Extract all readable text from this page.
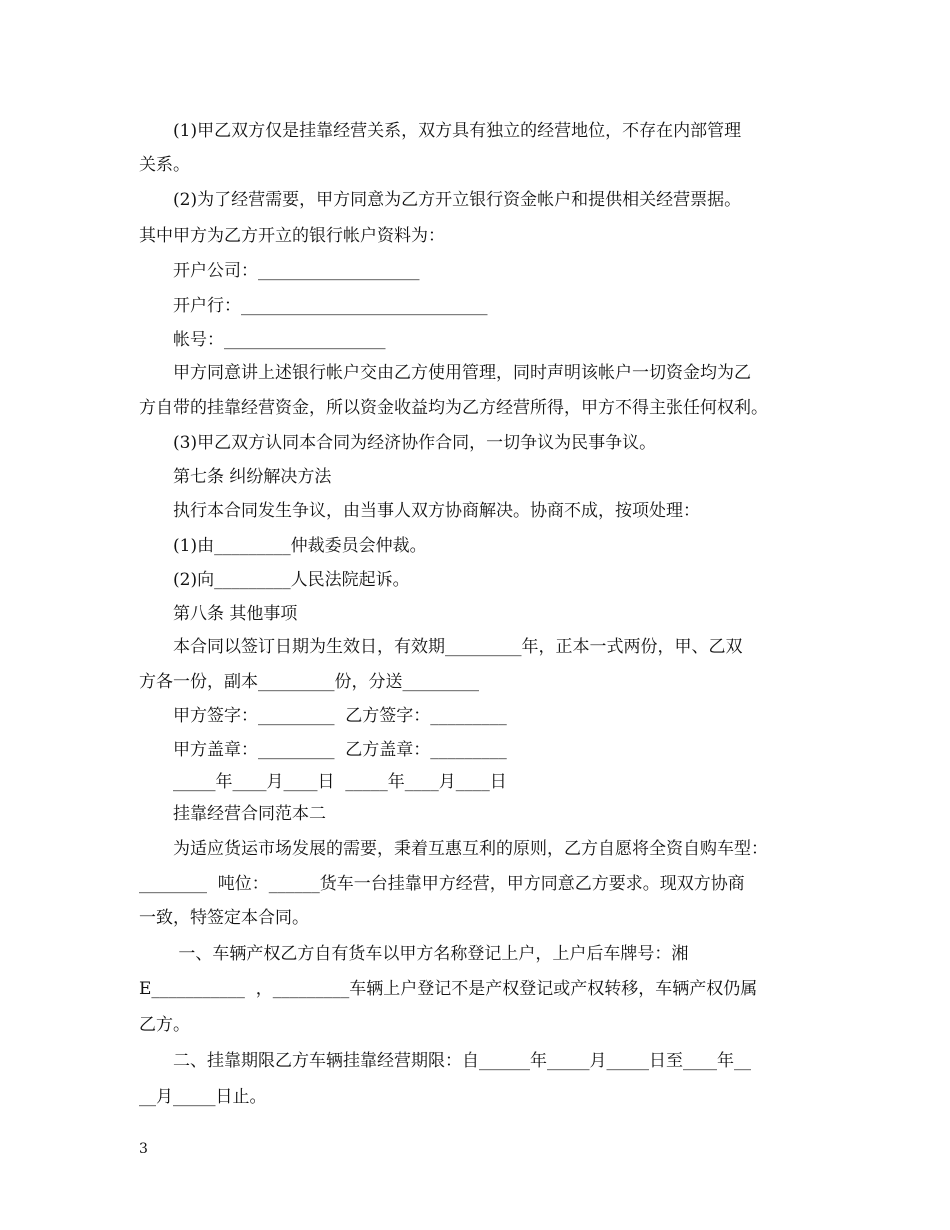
　　(1)甲乙双方仅是挂靠经营关系，双方具有独立的经营地位，不存在内部管理
关系。
　　(2)为了经营需要，甲方同意为乙方开立银行资金帐户和提供相关经营票据。
其中甲方为乙方开立的银行帐户资料为：
　　开户公司：___________________
　　开户行：_____________________________
　　帐号：___________________
　　甲方同意讲上述银行帐户交由乙方使用管理，同时声明该帐户一切资金均为乙
方自带的挂靠经营资金，所以资金收益均为乙方经营所得，甲方不得主张任何权利。
　　(3)甲乙双方认同本合同为经济协作合同，一切争议为民事争议。
　　第七条 纠纷解决方法
　　执行本合同发生争议，由当事人双方协商解决。协商不成，按项处理：
　　(1)由_________仲裁委员会仲裁。
　　(2)向_________人民法院起诉。
　　第八条 其他事项
　　本合同以签订日期为生效日，有效期_________年，正本一式两份，甲、乙双
方各一份，副本_________份，分送_________
　　甲方签字：_________  乙方签字：_________
　　甲方盖章：_________  乙方盖章：_________
　　_____年____月____日  _____年____月____日
　　挂靠经营合同范本二
　　为适应货运市场发展的需要，秉着互惠互利的原则，乙方自愿将全资自购车型：
________  吨位：______货车一台挂靠甲方经营，甲方同意乙方要求。现双方协商
一致，特签定本合同。
　　 一、车辆产权乙方自有货车以甲方名称登记上户，上户后车牌号：湘
E___________  ，_________车辆上户登记不是产权登记或产权转移，车辆产权仍属
乙方。
　　二、挂靠期限乙方车辆挂靠经营期限：自______年_____月_____日至____年__
__月_____日止。
3
